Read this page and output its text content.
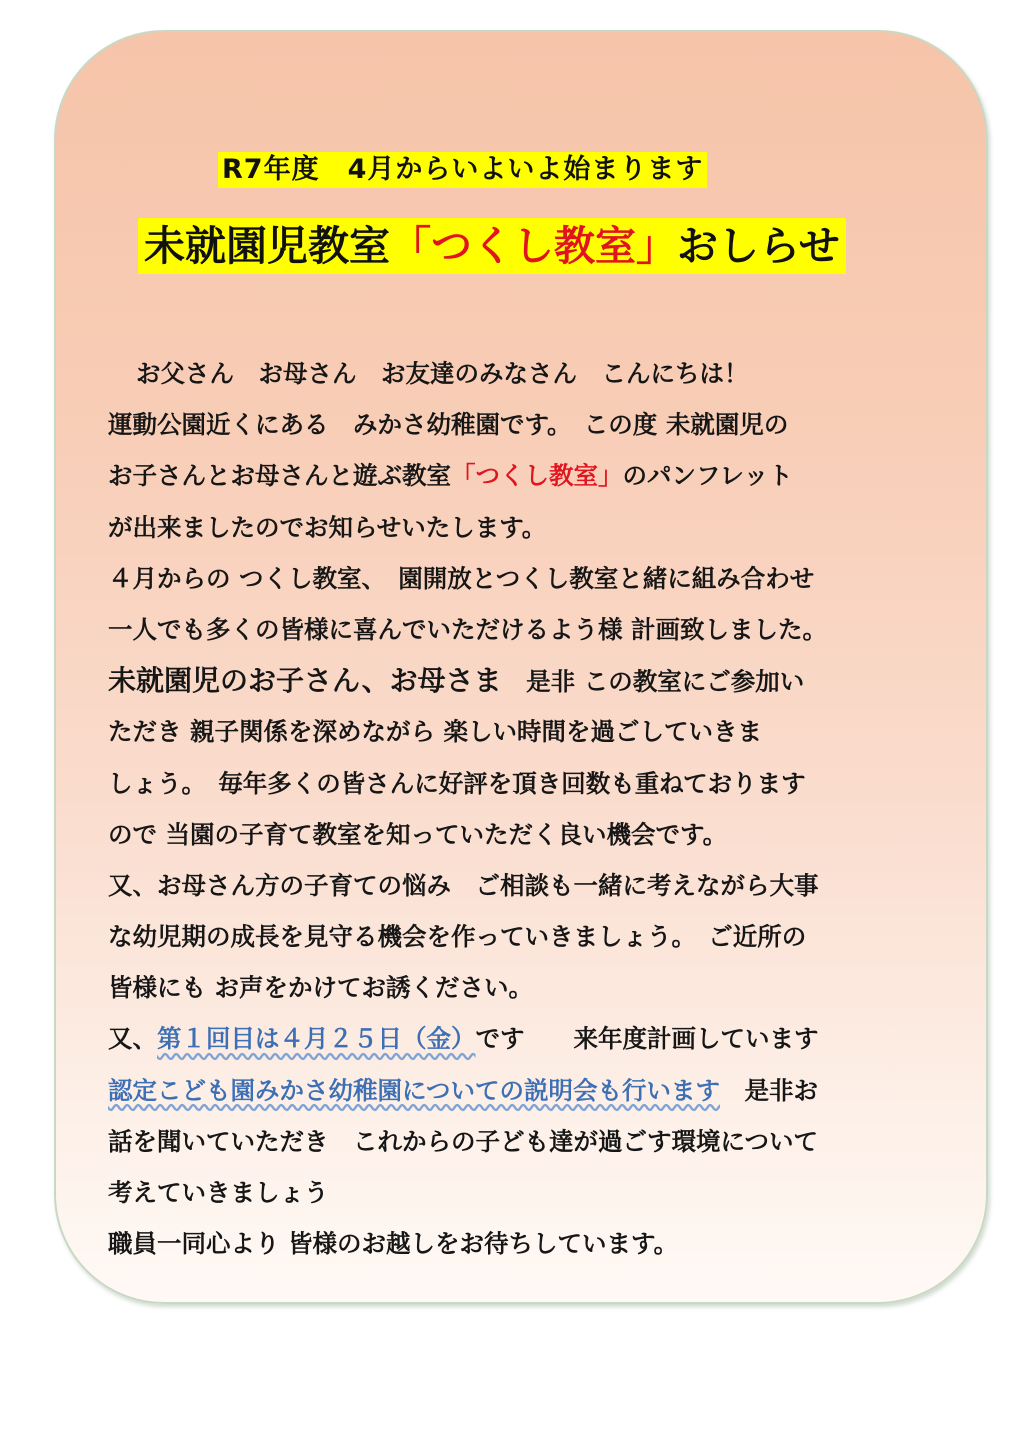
R7年度　4月からいよいよ始まります
未就園児教室「つくし教室」おしらせ
お父さん　お母さん　お友達のみなさん　こんにちは！
運動公園近くにある　みかさ幼稚園です。　この度 未就園児の
お子さんとお母さんと遊ぶ教室「つくし教室」のパンフレット
が出来ましたのでお知らせいたします。
４月からの つくし教室、　園開放とつくし教室と緒に組み合わせ
一人でも多くの皆様に喜んでいただけるよう様 計画致しました。
未就園児のお子さん、お母さま　是非 この教室にご参加い
ただき 親子関係を深めながら 楽しい時間を過ごしていきま
しょう。　毎年多くの皆さんに好評を頂き回数も重ねております
ので 当園の子育て教室を知っていただく良い機会です。
又、お母さん方の子育ての悩み　ご相談も一緒に考えながら大事
な幼児期の成長を見守る機会を作っていきましょう。　ご近所の
皆様にも お声をかけてお誘ください。
又、第１回目は４月２５日（金）です　　来年度計画しています
認定こども園みかさ幼稚園についての説明会も行います　是非お
話を聞いていただき　これからの子ども達が過ごす環境について
考えていきましょう
職員一同心より 皆様のお越しをお待ちしています。
